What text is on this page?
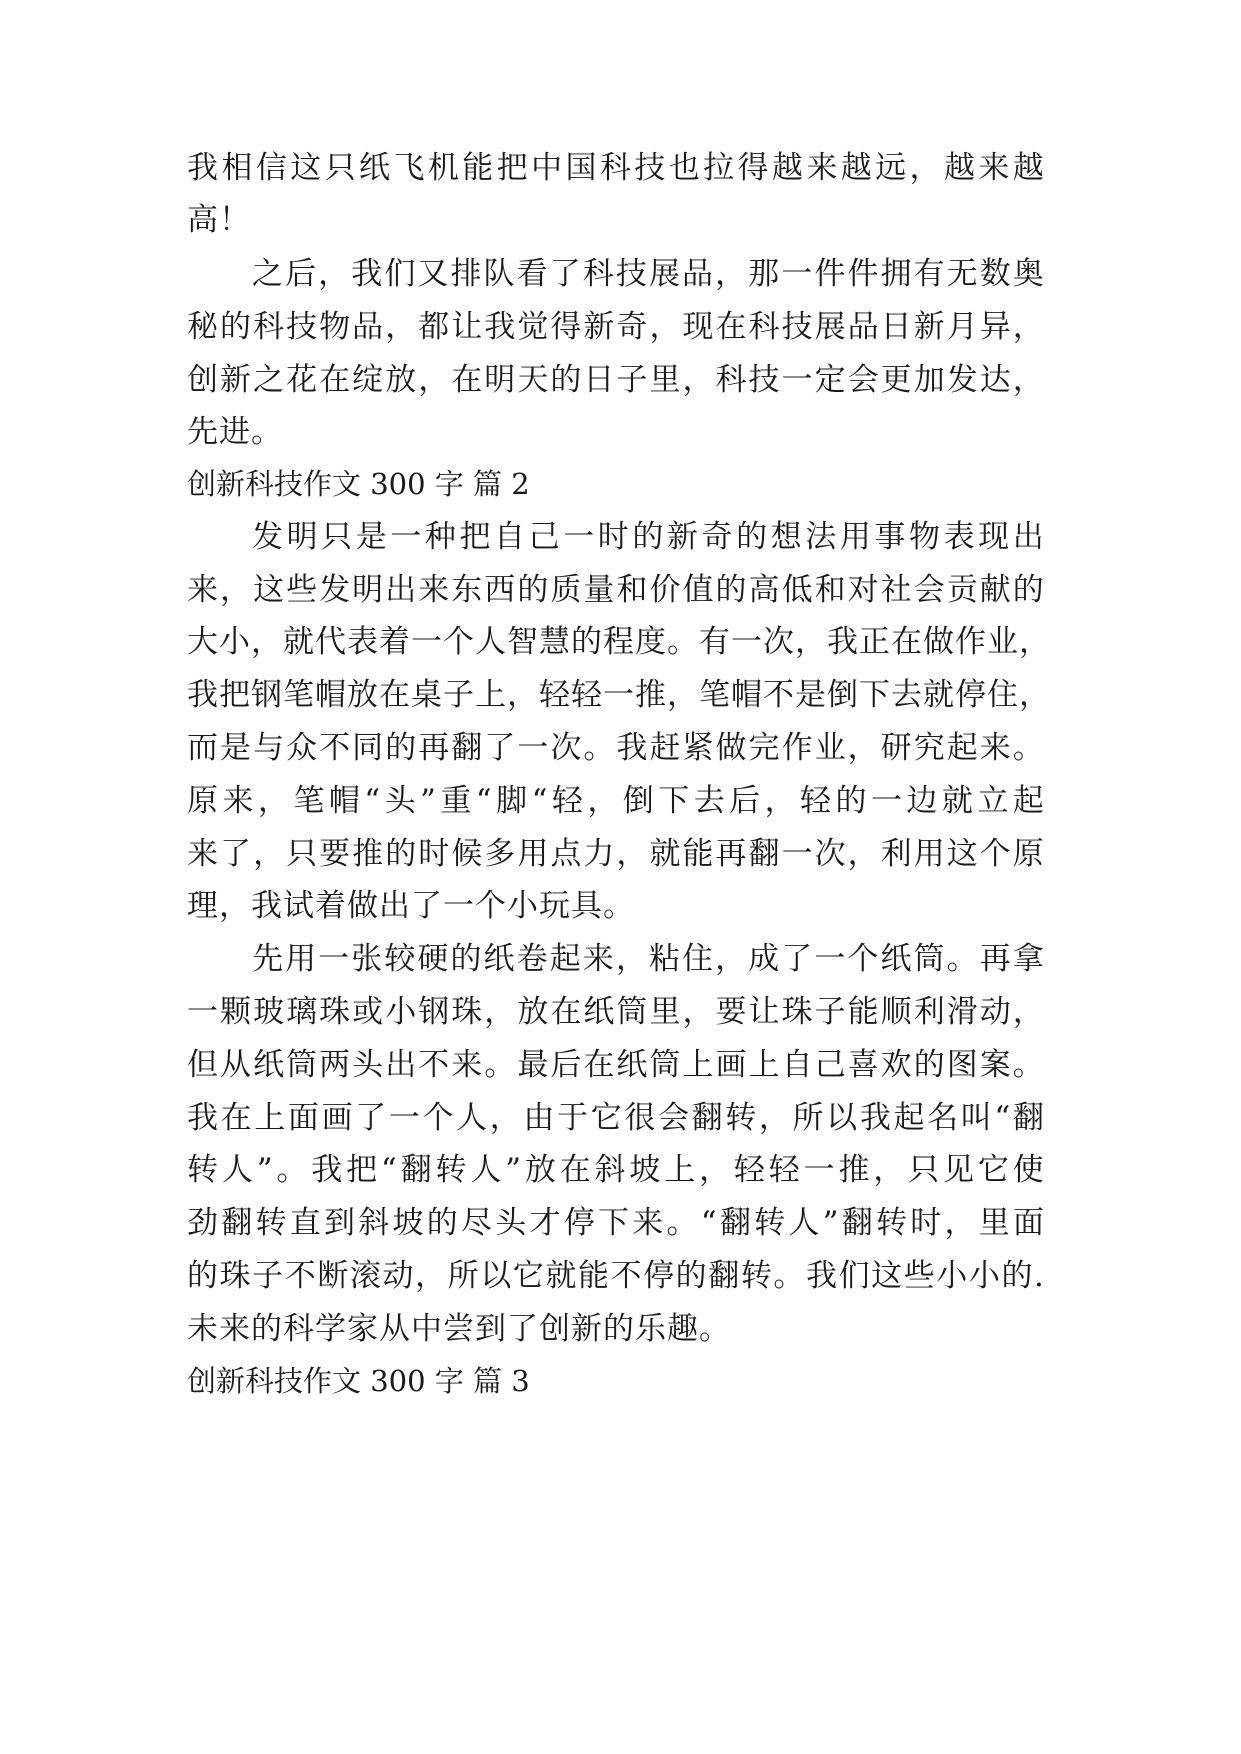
我 相 信 这 只 纸 飞 机 能 把 中 国 科 技 也 拉 得 越 来 越 远 ， 越 来 越
高！
之 后 ， 我 们 又 排 队 看 了 科 技 展 品 ， 那 一 件 件 拥 有 无 数 奥
秘 的 科 技 物 品 ， 都 让 我 觉 得 新 奇 ， 现 在 科 技 展 品 日 新 月 异 ，
创 新 之 花 在 绽 放 ， 在 明 天 的 日 子 里 ， 科 技 一 定 会 更 加 发 达 ，
先进。
创新科技作文 300 字 篇 2
发 明 只 是 一 种 把 自 己 一 时 的 新 奇 的 想 法 用 事 物 表 现 出
来 ， 这 些 发 明 出 来 东 西 的 质 量 和 价 值 的 高 低 和 对 社 会 贡 献 的
大 小 ， 就 代 表 着 一 个 人 智 慧 的 程 度 。 有 一 次 ， 我 正 在 做 作 业 ，
我 把 钢 笔 帽 放 在 桌 子 上 ， 轻 轻 一 推 ， 笔 帽 不 是 倒 下 去 就 停 住 ，
而 是 与 众 不 同 的 再 翻 了 一 次 。 我 赶 紧 做 完 作 业 ， 研 究 起 来 。
原 来 ， 笔 帽 “ 头 ” 重 “ 脚 “ 轻 ， 倒 下 去 后 ， 轻 的 一 边 就 立 起
来 了 ， 只 要 推 的 时 候 多 用 点 力 ， 就 能 再 翻 一 次 ， 利 用 这 个 原
理，我试着做出了一个小玩具。
先 用 一 张 较 硬 的 纸 卷 起 来 ， 粘 住 ， 成 了 一 个 纸 筒 。 再 拿
一 颗 玻 璃 珠 或 小 钢 珠 ， 放 在 纸 筒 里 ， 要 让 珠 子 能 顺 利 滑 动 ，
但 从 纸 筒 两 头 出 不 来 。 最 后 在 纸 筒 上 画 上 自 己 喜 欢 的 图 案 。
我 在 上 面 画 了 一 个 人 ， 由 于 它 很 会 翻 转 ， 所 以 我 起 名 叫 “ 翻
转 人 ” 。 我 把 “ 翻 转 人 ” 放 在 斜 坡 上 ， 轻 轻 一 推 ， 只 见 它 使
劲 翻 转 直 到 斜 坡 的 尽 头 才 停 下 来 。 “ 翻 转 人 ” 翻 转 时 ， 里 面
的 珠 子 不 断 滚 动 ， 所 以 它 就 能 不 停 的 翻 转 。 我 们 这 些 小 小 的 .
未来的科学家从中尝到了创新的乐趣。
创新科技作文 300 字 篇 3
